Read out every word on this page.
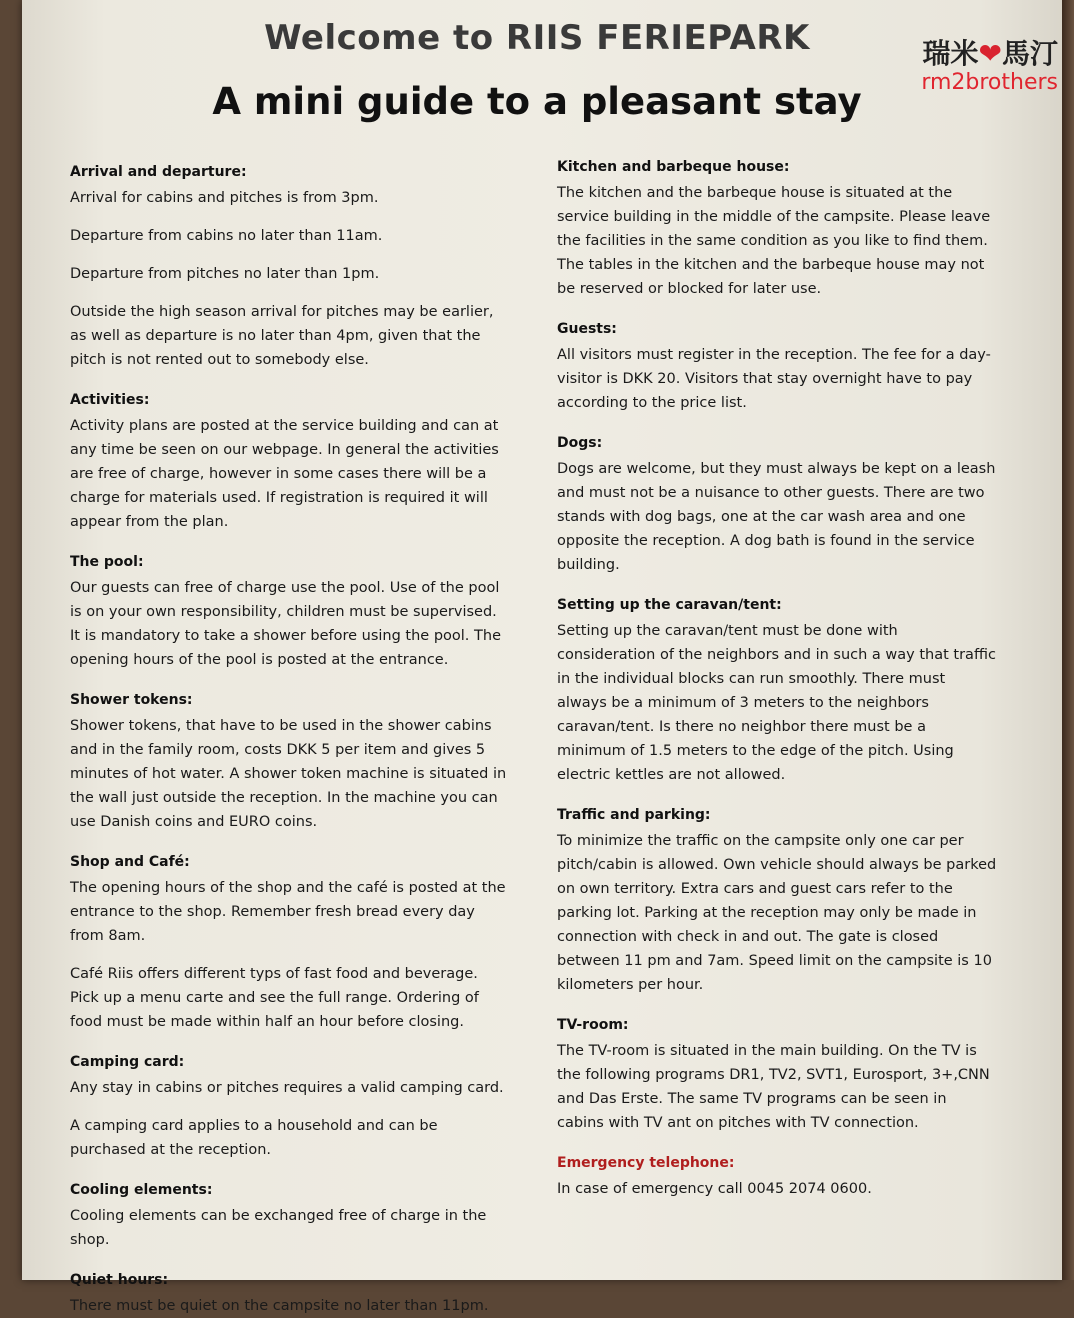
Welcome to RIIS FERIEPARK
A mini guide to a pleasant stay
瑞米❤馬汀
rm2brothers
Arrival and departure:

Arrival for cabins and pitches is from 3pm.

Departure from cabins no later than 11am.

Departure from pitches no later than 1pm.

Outside the high season arrival for pitches may be earlier, as well as departure is no later than 4pm, given that the pitch is not rented out to somebody else.

Activities:

Activity plans are posted at the service building and can at any time be seen on our webpage. In general the activities are free of charge, however in some cases there will be a charge for materials used. If registration is required it will appear from the plan.

The pool:

Our guests can free of charge use the pool. Use of the pool is on your own responsibility, children must be supervised. It is mandatory to take a shower before using the pool. The opening hours of the pool is posted at the entrance.

Shower tokens:

Shower tokens, that have to be used in the shower cabins and in the family room, costs DKK 5 per item and gives 5 minutes of hot water. A shower token machine is situated in the wall just outside the reception. In the machine you can use Danish coins and EURO coins.

Shop and Café:

The opening hours of the shop and the café is posted at the entrance to the shop. Remember fresh bread every day from 8am.

Café Riis offers different typs of fast food and beverage. Pick up a menu carte and see the full range. Ordering of food must be made within half an hour before closing.

Camping card:

Any stay in cabins or pitches requires a valid camping card.

A camping card applies to a household and can be purchased at the reception.

Cooling elements:

Cooling elements can be exchanged free of charge in the shop.

Quiet hours:

There must be quiet on the campsite no later than 11pm.

Kitchen and barbeque house:

The kitchen and the barbeque house is situated at the service building in the middle of the campsite. Please leave the facilities in the same condition as you like to find them. The tables in the kitchen and the barbeque house may not be reserved or blocked for later use.

Guests:

All visitors must register in the reception. The fee for a day-visitor is DKK 20. Visitors that stay overnight have to pay according to the price list.

Dogs:

Dogs are welcome, but they must always be kept on a leash and must not be a nuisance to other guests. There are two stands with dog bags, one at the car wash area and one opposite the reception. A dog bath is found in the service building.

Setting up the caravan/tent:

Setting up the caravan/tent must be done with consideration of the neighbors and in such a way that traffic in the individual blocks can run smoothly. There must always be a minimum of 3 meters to the neighbors caravan/tent. Is there no neighbor there must be a minimum of 1.5 meters to the edge of the pitch. Using electric kettles are not allowed.

Traffic and parking:

To minimize the traffic on the campsite only one car per pitch/cabin is allowed. Own vehicle should always be parked on own territory. Extra cars and guest cars refer to the parking lot. Parking at the reception may only be made in connection with check in and out. The gate is closed between 11 pm and 7am. Speed limit on the campsite is 10 kilometers per hour.

TV-room:

The TV-room is situated in the main building. On the TV is the following programs DR1, TV2, SVT1, Eurosport, 3+,CNN and Das Erste. The same TV programs can be seen in cabins with TV ant on pitches with TV connection.

Emergency telephone:

In case of emergency call 0045 2074 0600.
